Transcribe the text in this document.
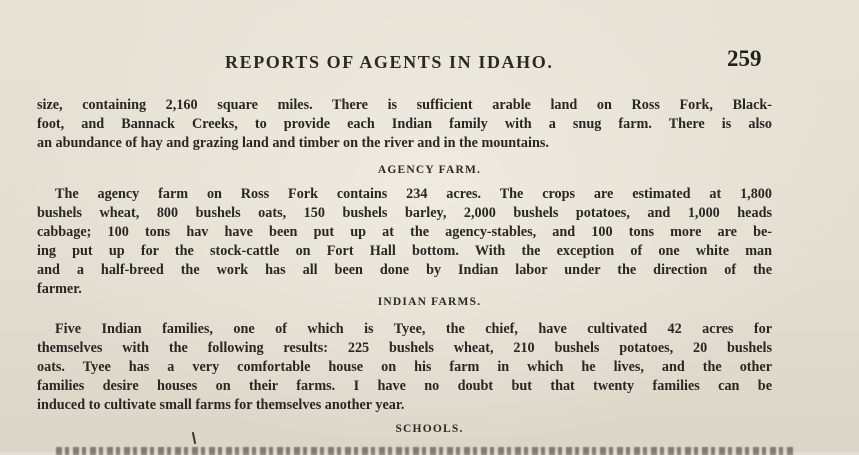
REPORTS OF AGENTS IN IDAHO.	259
size, containing 2,160 square miles. There is sufficient arable land on Ross Fork, Black-
foot, and Bannack Creeks, to provide each Indian family with a snug farm. There is also
an abundance of hay and grazing land and timber on the river and in the mountains.
AGENCY FARM.
The agency farm on Ross Fork contains 234 acres. The crops are estimated at 1,800
bushels wheat, 800 bushels oats, 150 bushels barley, 2,000 bushels potatoes, and 1,000 heads
cabbage; 100 tons hav have been put up at the agency-stables, and 100 tons more are be-
ing put up for the stock-cattle on Fort Hall bottom. With the exception of one white man
and a half-breed the work has all been done by Indian labor under the direction of the
farmer.
INDIAN FARMS.
Five Indian families, one of which is Tyee, the chief, have cultivated 42 acres for
themselves with the following results: 225 bushels wheat, 210 bushels potatoes, 20 bushels
oats. Tyee has a very comfortable house on his farm in which he lives, and the other
families desire houses on their farms. I have no doubt but that twenty families can be
induced to cultivate small farms for themselves another year.
SCHOOLS.
